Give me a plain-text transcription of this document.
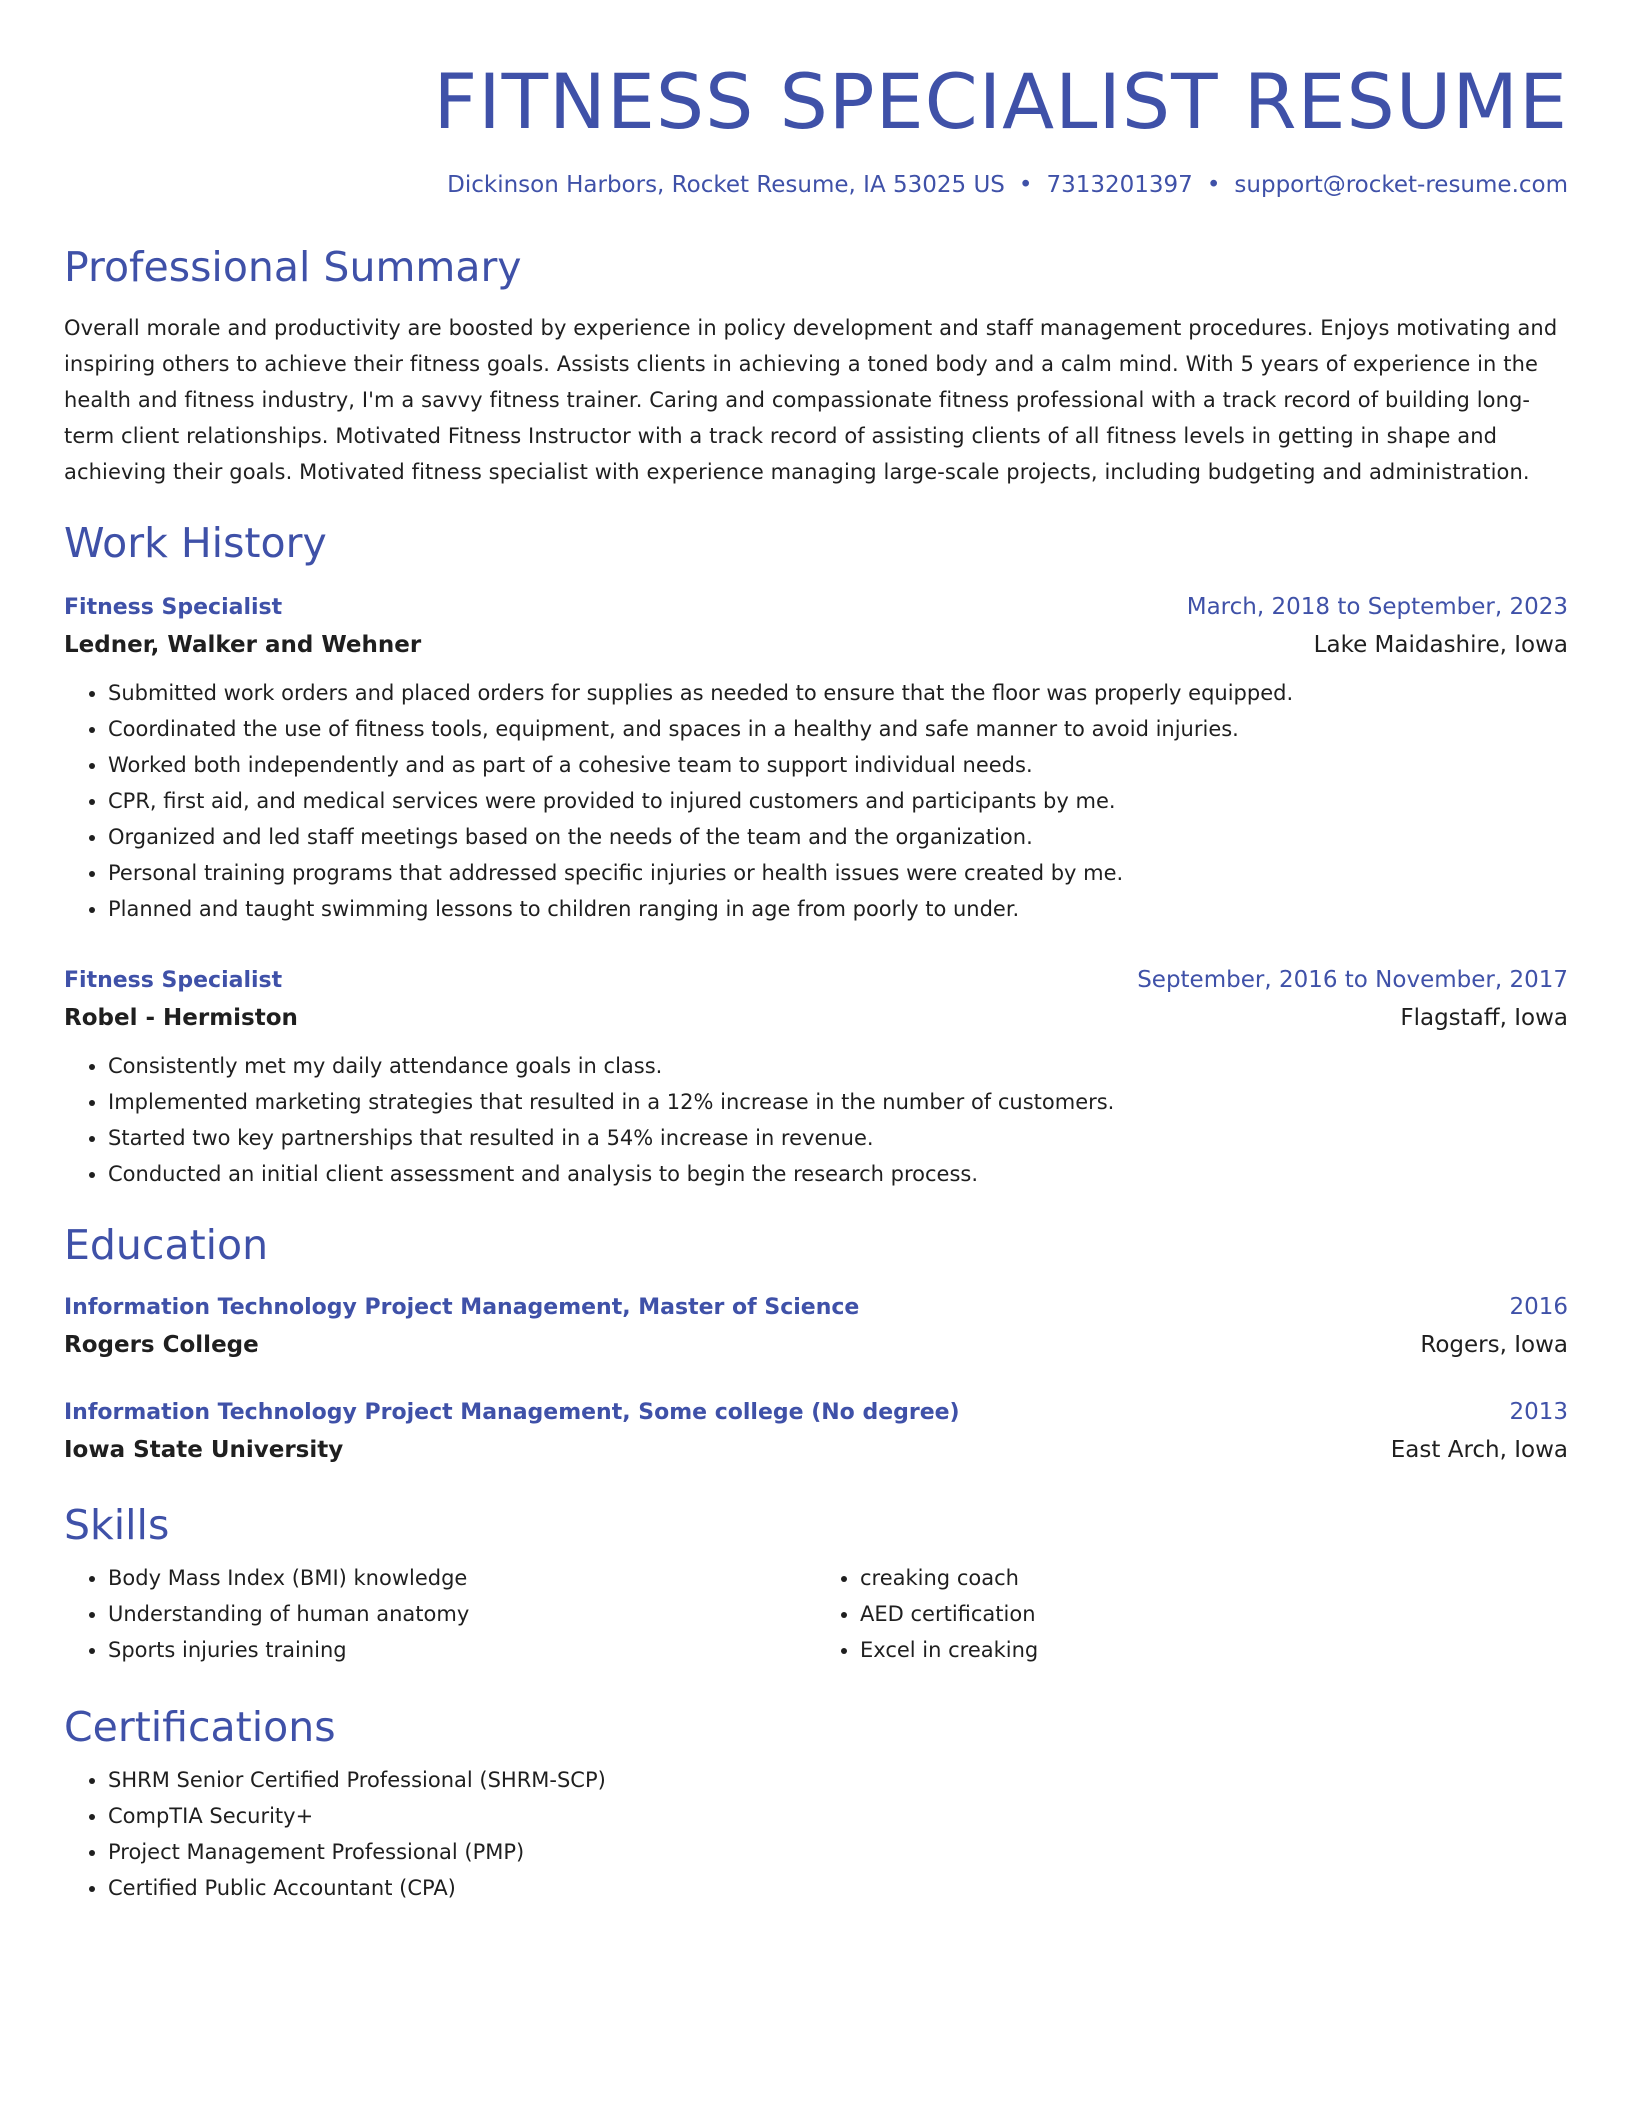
FITNESS SPECIALIST RESUME
Dickinson Harbors, Rocket Resume, IA 53025 US • 7313201397 • support@rocket-resume.com
Professional Summary
Overall morale and productivity are boosted by experience in policy development and staff management procedures. Enjoys motivating and inspiring others to achieve their fitness goals. Assists clients in achieving a toned body and a calm mind. With 5 years of experience in the health and fitness industry, I'm a savvy fitness trainer. Caring and compassionate fitness professional with a track record of building long-term client relationships. Motivated Fitness Instructor with a track record of assisting clients of all fitness levels in getting in shape and achieving their goals. Motivated fitness specialist with experience managing large-scale projects, including budgeting and administration.
Work History
Fitness Specialist	March, 2018 to September, 2023
Ledner, Walker and Wehner	Lake Maidashire, Iowa
• Submitted work orders and placed orders for supplies as needed to ensure that the floor was properly equipped.
• Coordinated the use of fitness tools, equipment, and spaces in a healthy and safe manner to avoid injuries.
• Worked both independently and as part of a cohesive team to support individual needs.
• CPR, first aid, and medical services were provided to injured customers and participants by me.
• Organized and led staff meetings based on the needs of the team and the organization.
• Personal training programs that addressed specific injuries or health issues were created by me.
• Planned and taught swimming lessons to children ranging in age from poorly to under.
Fitness Specialist	September, 2016 to November, 2017
Robel - Hermiston	Flagstaff, Iowa
• Consistently met my daily attendance goals in class.
• Implemented marketing strategies that resulted in a 12% increase in the number of customers.
• Started two key partnerships that resulted in a 54% increase in revenue.
• Conducted an initial client assessment and analysis to begin the research process.
Education
Information Technology Project Management, Master of Science	2016
Rogers College	Rogers, Iowa
Information Technology Project Management, Some college (No degree)	2013
Iowa State University	East Arch, Iowa
Skills
• Body Mass Index (BMI) knowledge
• Understanding of human anatomy
• Sports injuries training
• creaking coach
• AED certification
• Excel in creaking
Certifications
• SHRM Senior Certified Professional (SHRM-SCP)
• CompTIA Security+
• Project Management Professional (PMP)
• Certified Public Accountant (CPA)
